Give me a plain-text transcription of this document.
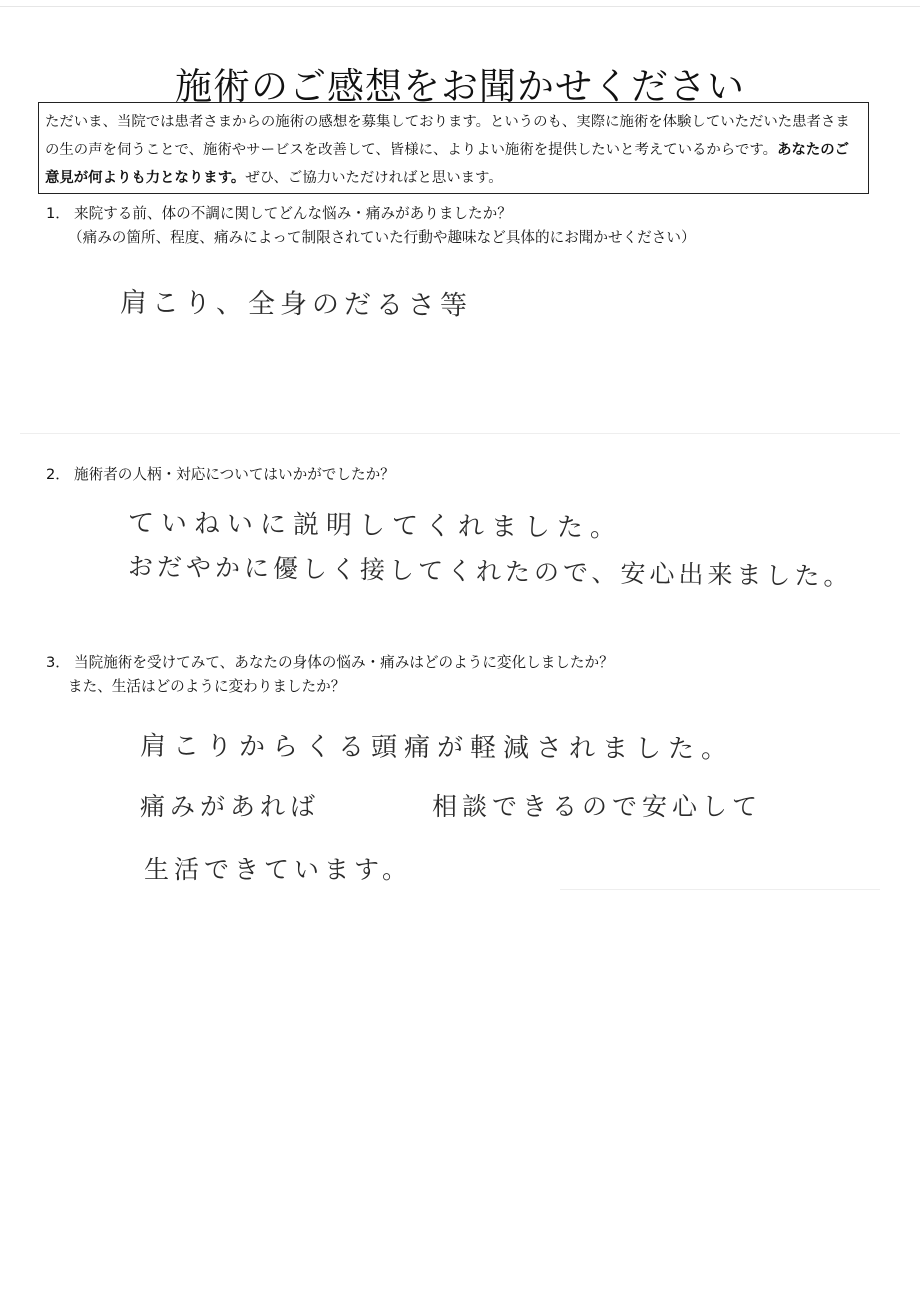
施術のご感想をお聞かせください
ただいま、当院では患者さまからの施術の感想を募集しております。というのも、実際に施術を体験していただいた患者さまの生の声を伺うことで、施術やサービスを改善して、皆様に、よりよい施術を提供したいと考えているからです。あなたのご意見が何よりも力となります。ぜひ、ご協力いただければと思います。
1． 来院する前、体の不調に関してどんな悩み・痛みがありましたか？
（痛みの箇所、程度、痛みによって制限されていた行動や趣味など具体的にお聞かせください）
肩こり、全身のだるさ等
2． 施術者の人柄・対応についてはいかがでしたか？
ていねいに説明してくれました。
おだやかに優しく接してくれたので、安心出来ました。
3． 当院施術を受けてみて、あなたの身体の悩み・痛みはどのように変化しましたか？
また、生活はどのように変わりましたか？
肩こりからくる頭痛が軽減されました。
痛みがあれば	相談できるので安心して
生活できています。
